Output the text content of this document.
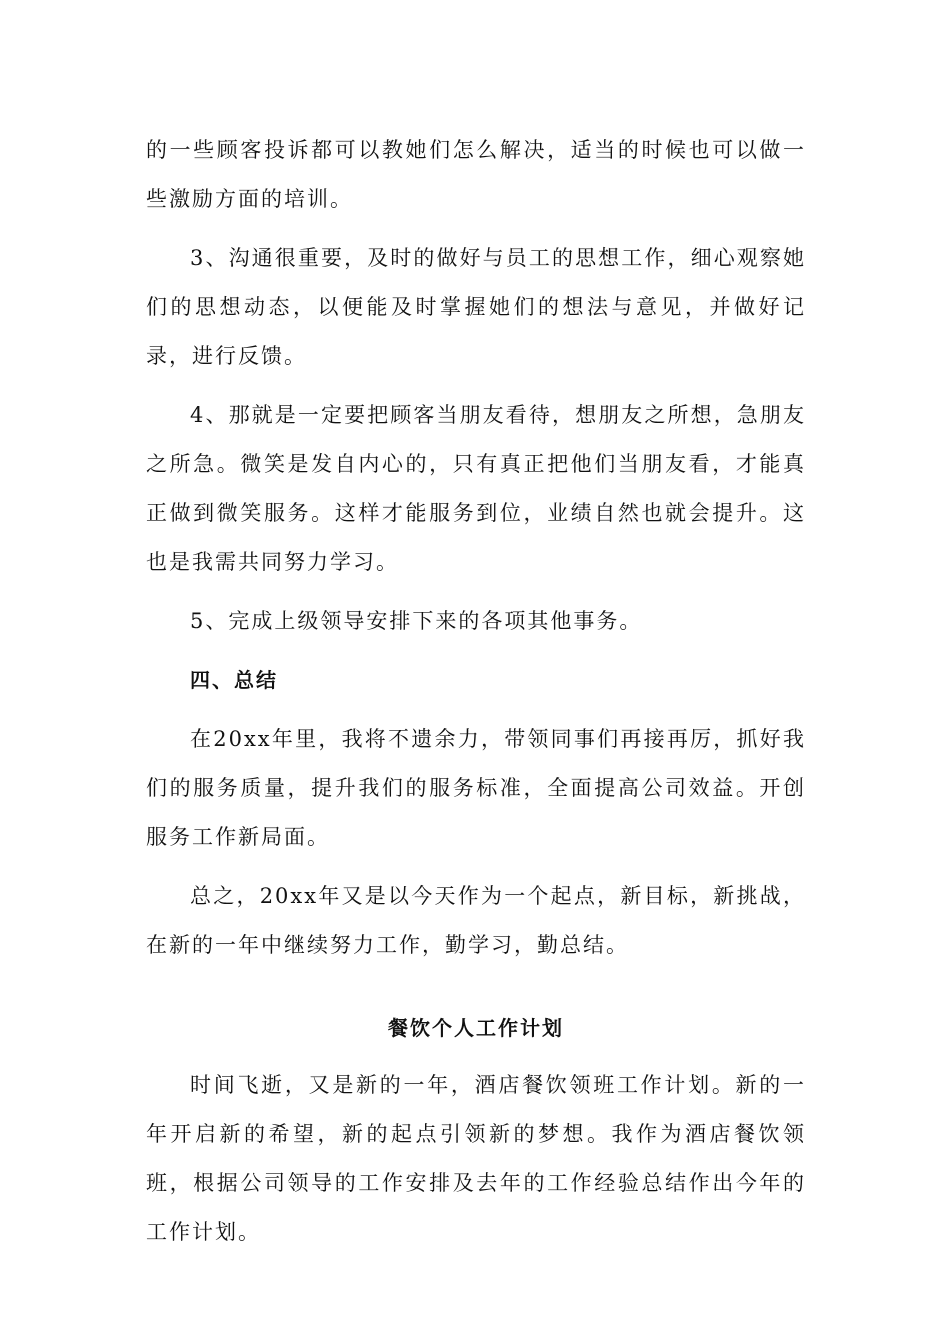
的一些顾客投诉都可以教她们怎么解决，适当的时候也可以做一些激励方面的培训。

3、沟通很重要，及时的做好与员工的思想工作，细心观察她们的思想动态，以便能及时掌握她们的想法与意见，并做好记录，进行反馈。

4、那就是一定要把顾客当朋友看待，想朋友之所想，急朋友之所急。微笑是发自内心的，只有真正把他们当朋友看，才能真正做到微笑服务。这样才能服务到位，业绩自然也就会提升。这也是我需共同努力学习。

5、完成上级领导安排下来的各项其他事务。

四、总结

在20xx年里，我将不遗余力，带领同事们再接再厉，抓好我们的服务质量，提升我们的服务标准，全面提高公司效益。开创服务工作新局面。

总之，20xx年又是以今天作为一个起点，新目标，新挑战，在新的一年中继续努力工作，勤学习，勤总结。

餐饮个人工作计划

时间飞逝，又是新的一年，酒店餐饮领班工作计划。新的一年开启新的希望，新的起点引领新的梦想。我作为酒店餐饮领班，根据公司领导的工作安排及去年的工作经验总结作出今年的工作计划。
